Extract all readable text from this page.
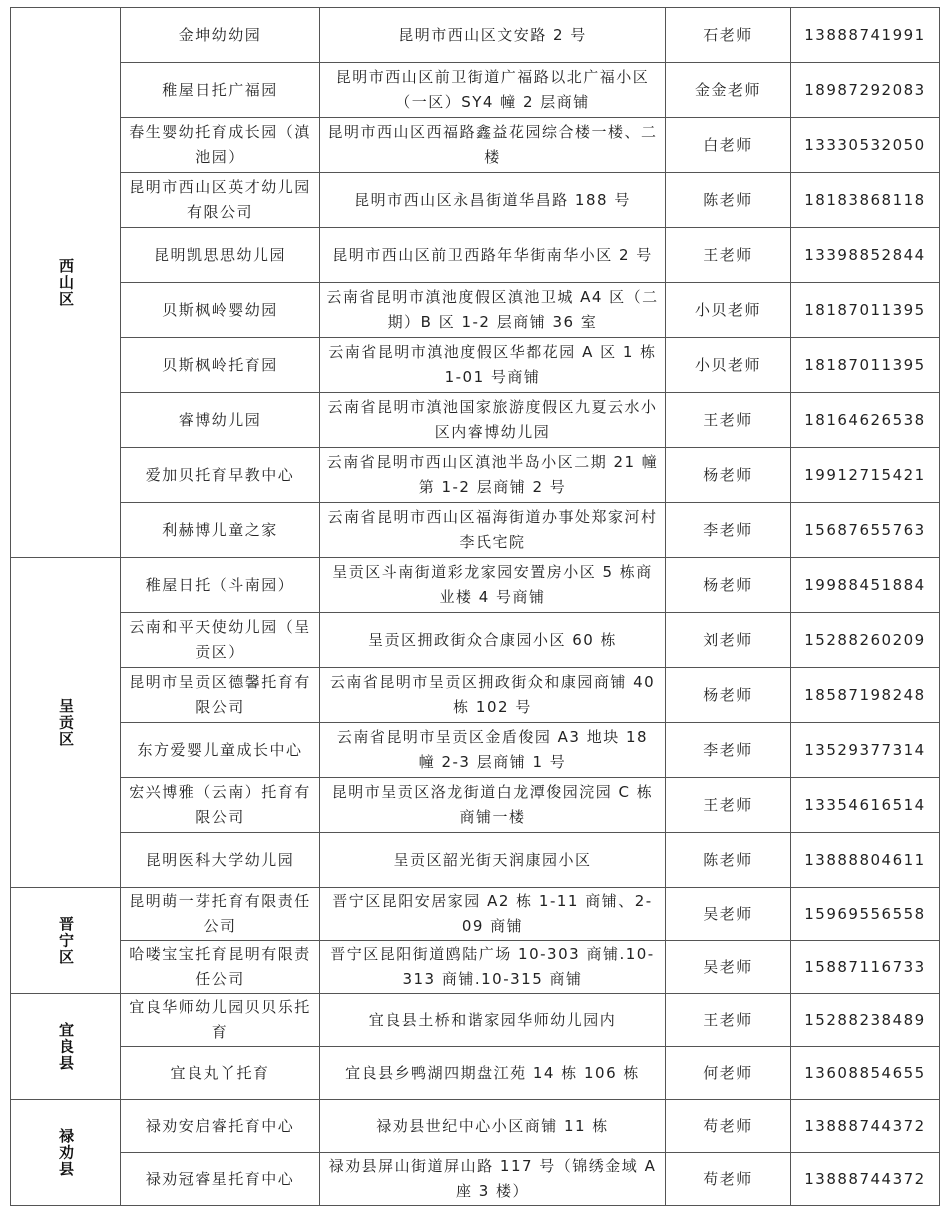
西山区	金坤幼幼园	昆明市西山区文安路 2 号	石老师	13888741991
	稚屋日托广福园	昆明市西山区前卫街道广福路以北广福小区（一区）SY4 幢 2 层商铺	金金老师	18987292083
	春生婴幼托育成长园（滇池园）	昆明市西山区西福路鑫益花园综合楼一楼、二楼	白老师	13330532050
	昆明市西山区英才幼儿园有限公司	昆明市西山区永昌街道华昌路 188 号	陈老师	18183868118
	昆明凯思思幼儿园	昆明市西山区前卫西路年华街南华小区 2 号	王老师	13398852844
	贝斯枫岭婴幼园	云南省昆明市滇池度假区滇池卫城 A4 区（二期）B 区 1-2 层商铺 36 室	小贝老师	18187011395
	贝斯枫岭托育园	云南省昆明市滇池度假区华都花园 A 区 1 栋 1-01 号商铺	小贝老师	18187011395
	睿博幼儿园	云南省昆明市滇池国家旅游度假区九夏云水小区内睿博幼儿园	王老师	18164626538
	爱加贝托育早教中心	云南省昆明市西山区滇池半岛小区二期 21 幢第 1-2 层商铺 2 号	杨老师	19912715421
	利赫博儿童之家	云南省昆明市西山区福海街道办事处郑家河村李氏宅院	李老师	15687655763
呈贡区	稚屋日托（斗南园）	呈贡区斗南街道彩龙家园安置房小区 5 栋商业楼 4 号商铺	杨老师	19988451884
	云南和平天使幼儿园（呈贡区）	呈贡区拥政街众合康园小区 60 栋	刘老师	15288260209
	昆明市呈贡区德馨托育有限公司	云南省昆明市呈贡区拥政街众和康园商铺 40 栋 102 号	杨老师	18587198248
	东方爱婴儿童成长中心	云南省昆明市呈贡区金盾俊园 A3 地块 18 幢 2-3 层商铺 1 号	李老师	13529377314
	宏兴博雅（云南）托育有限公司	昆明市呈贡区洛龙街道白龙潭俊园浣园 C 栋商铺一楼	王老师	13354616514
	昆明医科大学幼儿园	呈贡区韶光街天润康园小区	陈老师	13888804611
晋宁区	昆明萌一芽托育有限责任公司	晋宁区昆阳安居家园 A2 栋 1-11 商铺、2-09 商铺	吴老师	15969556558
	哈喽宝宝托育昆明有限责任公司	晋宁区昆阳街道鸥陆广场 10-303 商铺.10-313 商铺.10-315 商铺	吴老师	15887116733
宜良县	宜良华师幼儿园贝贝乐托育	宜良县土桥和谐家园华师幼儿园内	王老师	15288238489
	宜良丸丫托育	宜良县乡鸭湖四期盘江苑 14 栋 106 栋	何老师	13608854655
禄劝县	禄劝安启睿托育中心	禄劝县世纪中心小区商铺 11 栋	苟老师	13888744372
	禄劝冠睿星托育中心	禄劝县屏山街道屏山路 117 号（锦绣金域 A 座 3 楼）	苟老师	13888744372
